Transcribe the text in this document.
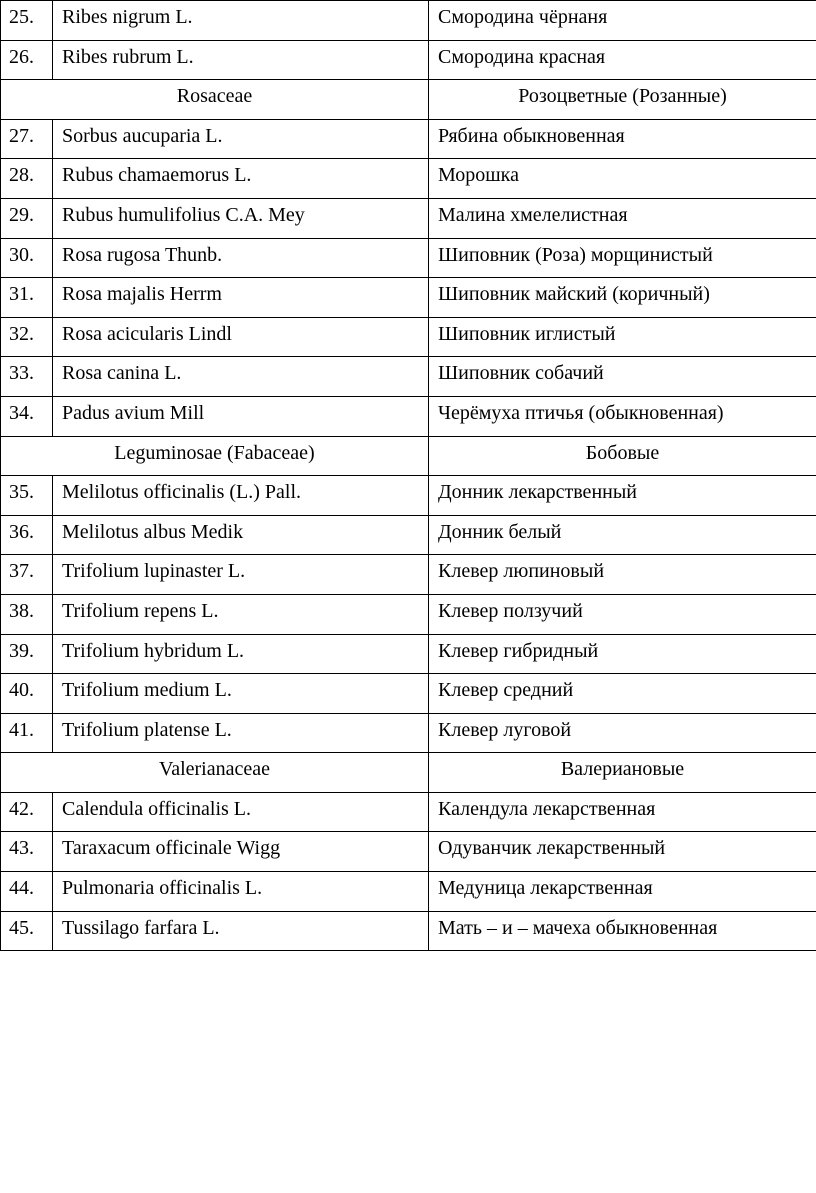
25.	Ribes nigrum L.	Смородина чёрнаня
26.	Ribes rubrum L.	Смородина красная
Rosaceae		Розоцветные (Розанные)
27.	Sorbus aucuparia L.	Рябина обыкновенная
28.	Rubus chamaemorus L.	Морошка
29.	Rubus humulifolius C.A. Mey	Малина хмелелистная
30.	Rosa rugosa Thunb.	Шиповник (Роза) морщинистый
31.	Rosa majalis Herrm	Шиповник майский (коричный)
32.	Rosa acicularis Lindl	Шиповник иглистый
33.	Rosa canina L.	Шиповник собачий
34.	Padus avium Mill	Черёмуха птичья (обыкновенная)
Leguminosae (Fabaceae)		Бобовые
35.	Melilotus officinalis (L.) Pall.	Донник лекарственный
36.	Melilotus albus Medik	Донник белый
37.	Trifolium lupinaster L.	Клевер люпиновый
38.	Trifolium repens L.	Клевер ползучий
39.	Trifolium hybridum L.	Клевер гибридный
40.	Trifolium medium L.	Клевер средний
41.	Trifolium platense L.	Клевер луговой
Valerianaceae		Валериановые
42.	Calendula officinalis L.	Календула лекарственная
43.	Taraxacum officinale Wigg	Одуванчик лекарственный
44.	Pulmonaria officinalis L.	Медуница лекарственная
45.	Tussilago farfara L.	Мать – и – мачеха обыкновенная
